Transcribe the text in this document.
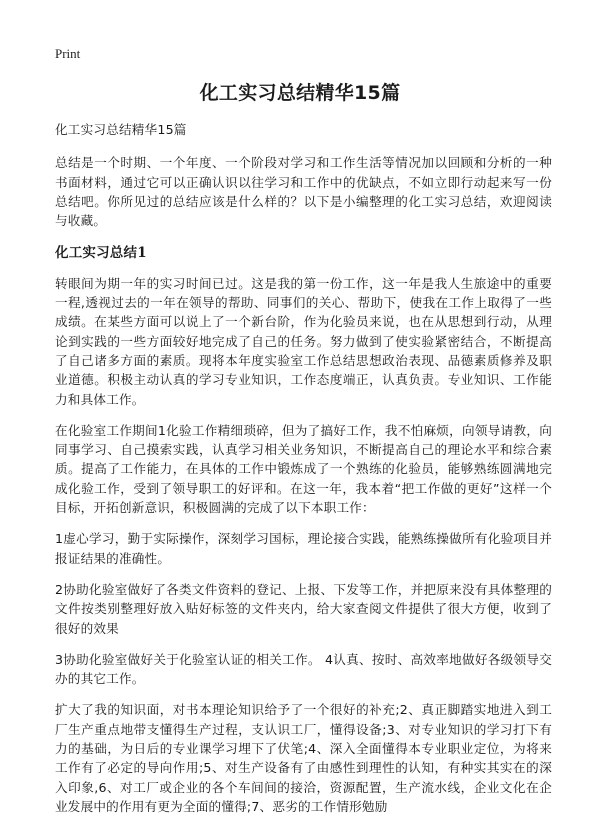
Print
化工实习总结精华15篇

化工实习总结精华15篇

总结是一个时期、一个年度、一个阶段对学习和工作生活等情况加以回顾和分析的一种书面材料，通过它可以正确认识以往学习和工作中的优缺点，不如立即行动起来写一份总结吧。你所见过的总结应该是什么样的？以下是小编整理的化工实习总结，欢迎阅读与收藏。

化工实习总结1

转眼间为期一年的实习时间已过。这是我的第一份工作，这一年是我人生旅途中的重要一程,透视过去的一年在领导的帮助、同事们的关心、帮助下，使我在工作上取得了一些成绩。在某些方面可以说上了一个新台阶，作为化验员来说，也在从思想到行动，从理论到实践的一些方面较好地完成了自己的任务。努力做到了使实验紧密结合，不断提高了自己诸多方面的素质。现将本年度实验室工作总结思想政治表现、品德素质修养及职业道德。积极主动认真的学习专业知识，工作态度端正，认真负责。专业知识、工作能力和具体工作。

在化验室工作期间1化验工作精细琐碎，但为了搞好工作，我不怕麻烦，向领导请教，向同事学习、自己摸索实践，认真学习相关业务知识，不断提高自己的理论水平和综合素质。提高了工作能力，在具体的工作中锻炼成了一个熟练的化验员，能够熟练圆满地完成化验工作，受到了领导职工的好评和。在这一年，我本着“把工作做的更好”这样一个目标，开拓创新意识，积极圆满的完成了以下本职工作：

1虚心学习，勤于实际操作，深刻学习国标，理论接合实践，能熟练操做所有化验项目并报证结果的准确性。

2协助化验室做好了各类文件资料的登记、上报、下发等工作，并把原来没有具体整理的文件按类别整理好放入贴好标签的文件夹内，给大家查阅文件提供了很大方便，收到了很好的效果

3协助化验室做好关于化验室认证的相关工作。 4认真、按时、高效率地做好各级领导交办的其它工作。

扩大了我的知识面，对书本理论知识给予了一个很好的补充;2、真正脚踏实地进入到工厂生产重点地带支懂得生产过程，支认识工厂，懂得设备;3、对专业知识的学习打下有力的基础，为日后的专业课学习埋下了伏笔;4、深入全面懂得本专业职业定位，为将来工作有了必定的导向作用;5、对生产设备有了由感性到理性的认知，有种实其实在的深入印象,6、对工厂或企业的各个车间间的接洽，资源配置，生产流水线，企业文化在企业发展中的作用有更为全面的懂得;7、恶劣的工作情形勉励
